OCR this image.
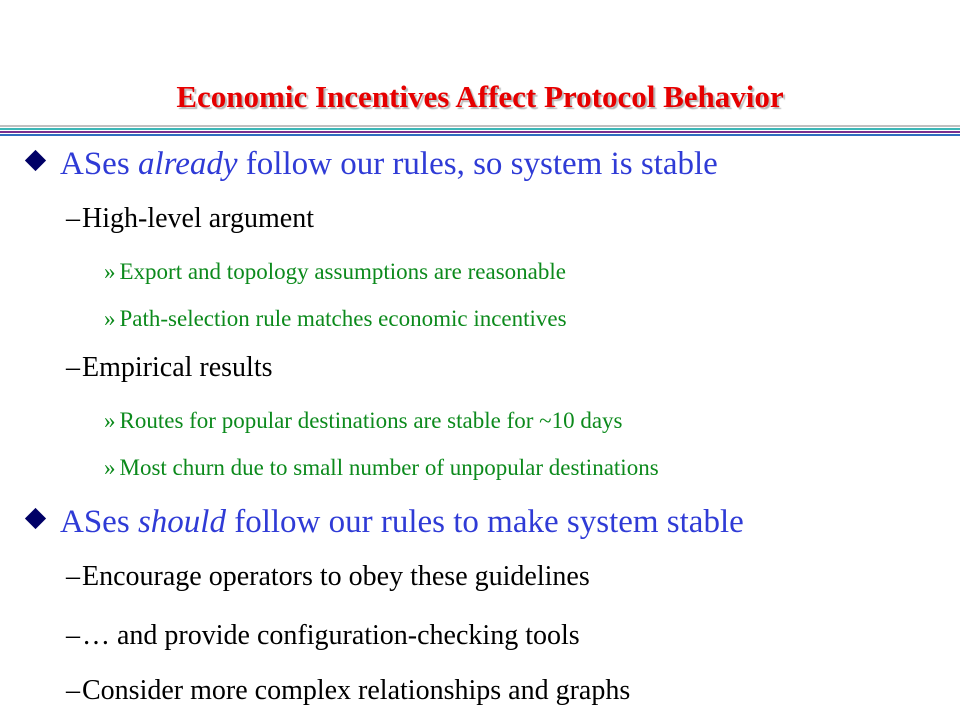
Economic Incentives Affect Protocol Behavior
ASes already follow our rules, so system is stable
–High-level argument
» Export and topology assumptions are reasonable
» Path-selection rule matches economic incentives
–Empirical results
» Routes for popular destinations are stable for ~10 days
» Most churn due to small number of unpopular destinations
ASes should follow our rules to make system stable
–Encourage operators to obey these guidelines
–… and provide configuration-checking tools
–Consider more complex relationships and graphs
